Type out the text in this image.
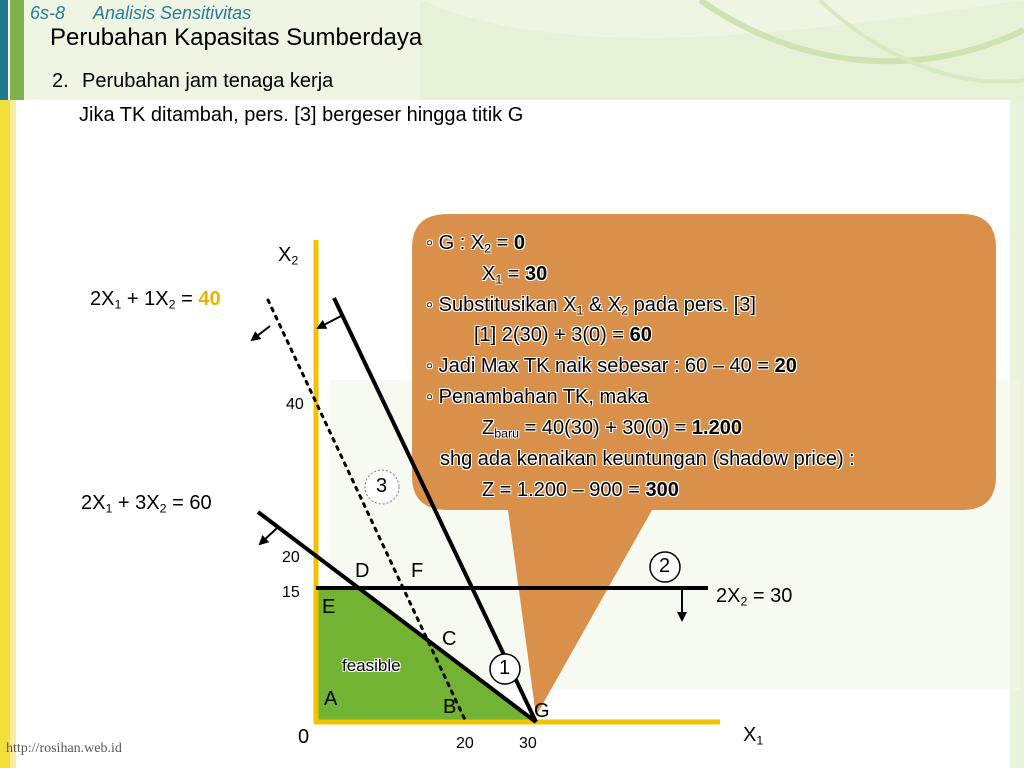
6s-8 Analisis Sensitivitas
Perubahan Kapasitas Sumberdaya
2. Perubahan jam tenaga kerja
Jika TK ditambah, pers. [3] bergeser hingga titik G
$X_2$
$X_1$
0
40
20
15
20	30
$2X_1 + 1X_2 = 40$
$2X_1 + 3X_2 = 60$
$2X_2 = 30$
A	B
C
D
E
F
G
1
2
3
feasible
◦ G : $X_2 = 0$
$X_1 = 30$
◦ Substitusikan $X_1$ & $X_2$ pada pers. [3]
[1] 2(30) + 3(0) = 60
◦ Jadi Max TK naik sebesar : 60 – 40 = 20
◦ Penambahan TK, maka
$Z_{baru} = 40(30) + 30(0) = 1.200$
shg ada kenaikan keuntungan (shadow price) :
Z = 1.200 – 900 = 300
http://rosihan.web.id
